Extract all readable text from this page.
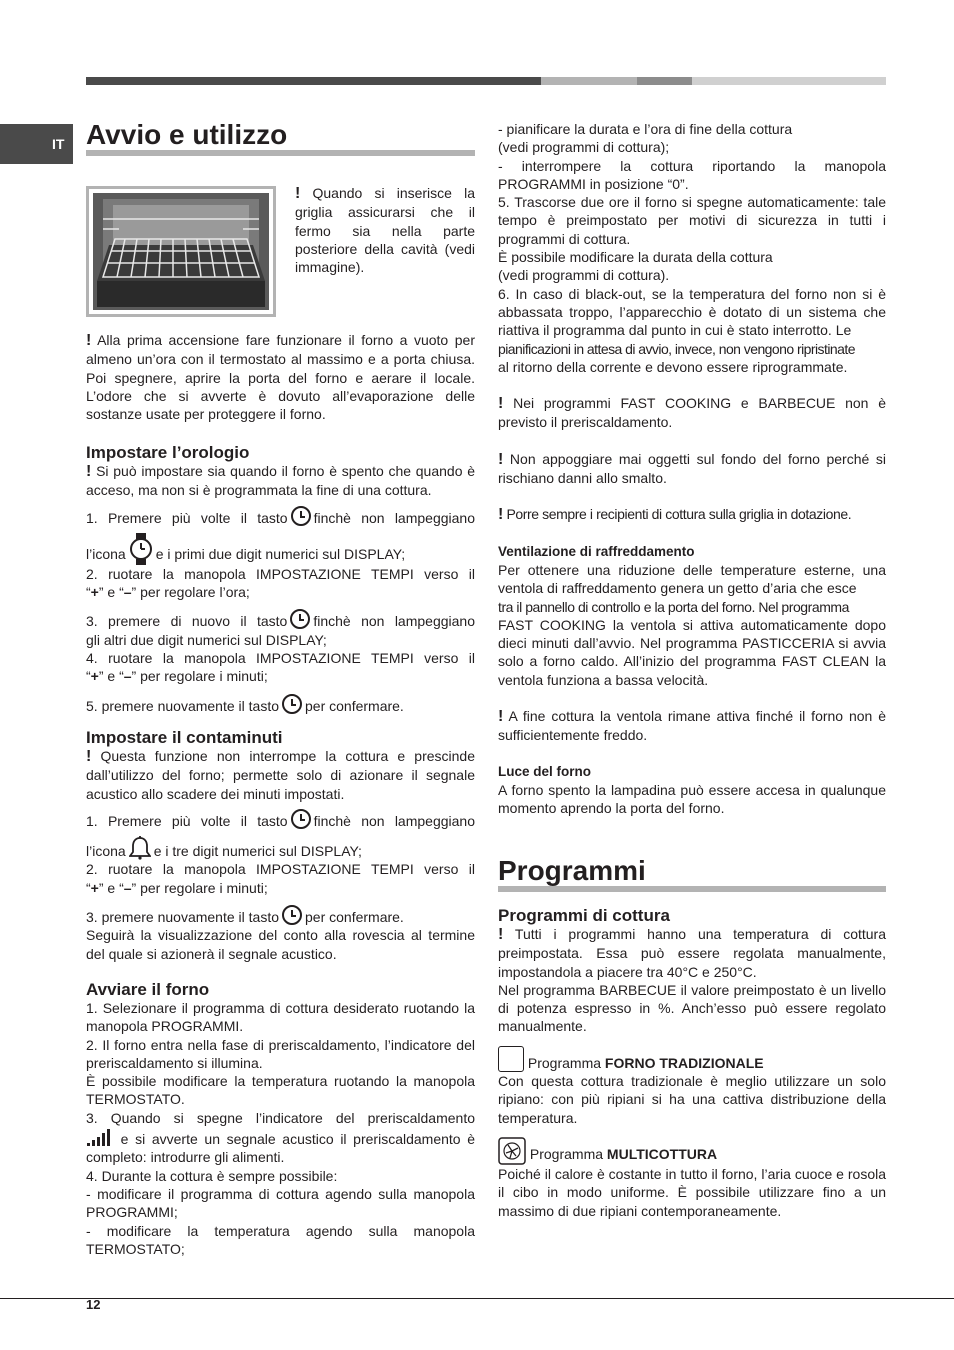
IT Avvio e utilizzo

! Quando si inserisce la griglia assicurarsi che il fermo sia nella parte posteriore della cavità (vedi immagine).

! Alla prima accensione fare funzionare il forno a vuoto per almeno un’ora con il termostato al massimo e a porta chiusa. Poi spegnere, aprire la porta del forno e aerare il locale. L’odore che si avverte è dovuto all’evaporazione delle sostanze usate per proteggere il forno.

Impostare l’orologio

! Si può impostare sia quando il forno è spento che quando è acceso, ma non si è programmata la fine di una cottura.

1. Premere più volte il tasto finchè non lampeggiano

l’icona e i primi due digit numerici sul DISPLAY;

2. ruotare la manopola IMPOSTAZIONE TEMPI verso il

“+” e “–” per regolare l’ora;

3. premere di nuovo il tasto finchè non lampeggiano

gli altri due digit numerici sul DISPLAY;

4. ruotare la manopola IMPOSTAZIONE TEMPI verso il

“+” e “–” per regolare i minuti;

5. premere nuovamente il tasto per confermare.

Impostare il contaminuti

! Questa funzione non interrompe la cottura e prescinde dall’utilizzo del forno; permette solo di azionare il segnale acustico allo scadere dei minuti impostati.

1. Premere più volte il tasto finchè non lampeggiano

l’icona e i tre digit numerici sul DISPLAY;

2. ruotare la manopola IMPOSTAZIONE TEMPI verso il

“+” e “–” per regolare i minuti;

3. premere nuovamente il tasto per confermare.

Seguirà la visualizzazione del conto alla rovescia al termine del quale si azionerà il segnale acustico.

Avviare il forno

1. Selezionare il programma di cottura desiderato ruotando la manopola PROGRAMMI.

2. Il forno entra nella fase di preriscaldamento, l’indicatore del preriscaldamento si illumina.

È possibile modificare la temperatura ruotando la manopola TERMOSTATO.

3. Quando si spegne l’indicatore del preriscaldamento

e si avverte un segnale acustico il preriscaldamento è completo: introdurre gli alimenti.

4. Durante la cottura è sempre possibile:

- modificare il programma di cottura agendo sulla manopola PROGRAMMI;

- modificare la temperatura agendo sulla manopola TERMOSTATO;

- pianificare la durata e l’ora di fine della cottura

(vedi programmi di cottura);

- interrompere la cottura riportando la manopola PROGRAMMI in posizione “0”.

5. Trascorse due ore il forno si spegne automaticamente: tale tempo è preimpostato per motivi di sicurezza in tutti i programmi di cottura.

È possibile modificare la durata della cottura

(vedi programmi di cottura).

6. In caso di black-out, se la temperatura del forno non si è abbassata troppo, l’apparecchio è dotato di un sistema che riattiva il programma dal punto in cui è stato interrotto. Le

pianificazioni in attesa di avvio, invece, non vengono ripristinate

al ritorno della corrente e devono essere riprogrammate.

! Nei programmi FAST COOKING e BARBECUE non è previsto il preriscaldamento.

! Non appoggiare mai oggetti sul fondo del forno perché si rischiano danni allo smalto.

! Porre sempre i recipienti di cottura sulla griglia in dotazione.

Ventilazione di raffreddamento

Per ottenere una riduzione delle temperature esterne, una ventola di raffreddamento genera un getto d’aria che esce

tra il pannello di controllo e la porta del forno. Nel programma

FAST COOKING la ventola si attiva automaticamente dopo dieci minuti dall’avvio. Nel programma PASTICCERIA si avvia solo a forno caldo. All’inizio del programma FAST CLEAN la ventola funziona a bassa velocità.

! A fine cottura la ventola rimane attiva finché il forno non è sufficientemente freddo.

Luce del forno

A forno spento la lampadina può essere accesa in qualunque momento aprendo la porta del forno.

Programmi

Programmi di cottura

! Tutti i programmi hanno una temperatura di cottura preimpostata. Essa può essere regolata manualmente, impostandola a piacere tra 40°C e 250°C.

Nel programma BARBECUE il valore preimpostato è un livello di potenza espresso in %. Anch’esso può essere regolato manualmente.

Programma FORNO TRADIZIONALE

Con questa cottura tradizionale è meglio utilizzare un solo ripiano: con più ripiani si ha una cattiva distribuzione della temperatura.

Programma MULTICOTTURA

Poiché il calore è costante in tutto il forno, l’aria cuoce e rosola il cibo in modo uniforme. È possibile utilizzare fino a un massimo di due ripiani contemporaneamente.

12
